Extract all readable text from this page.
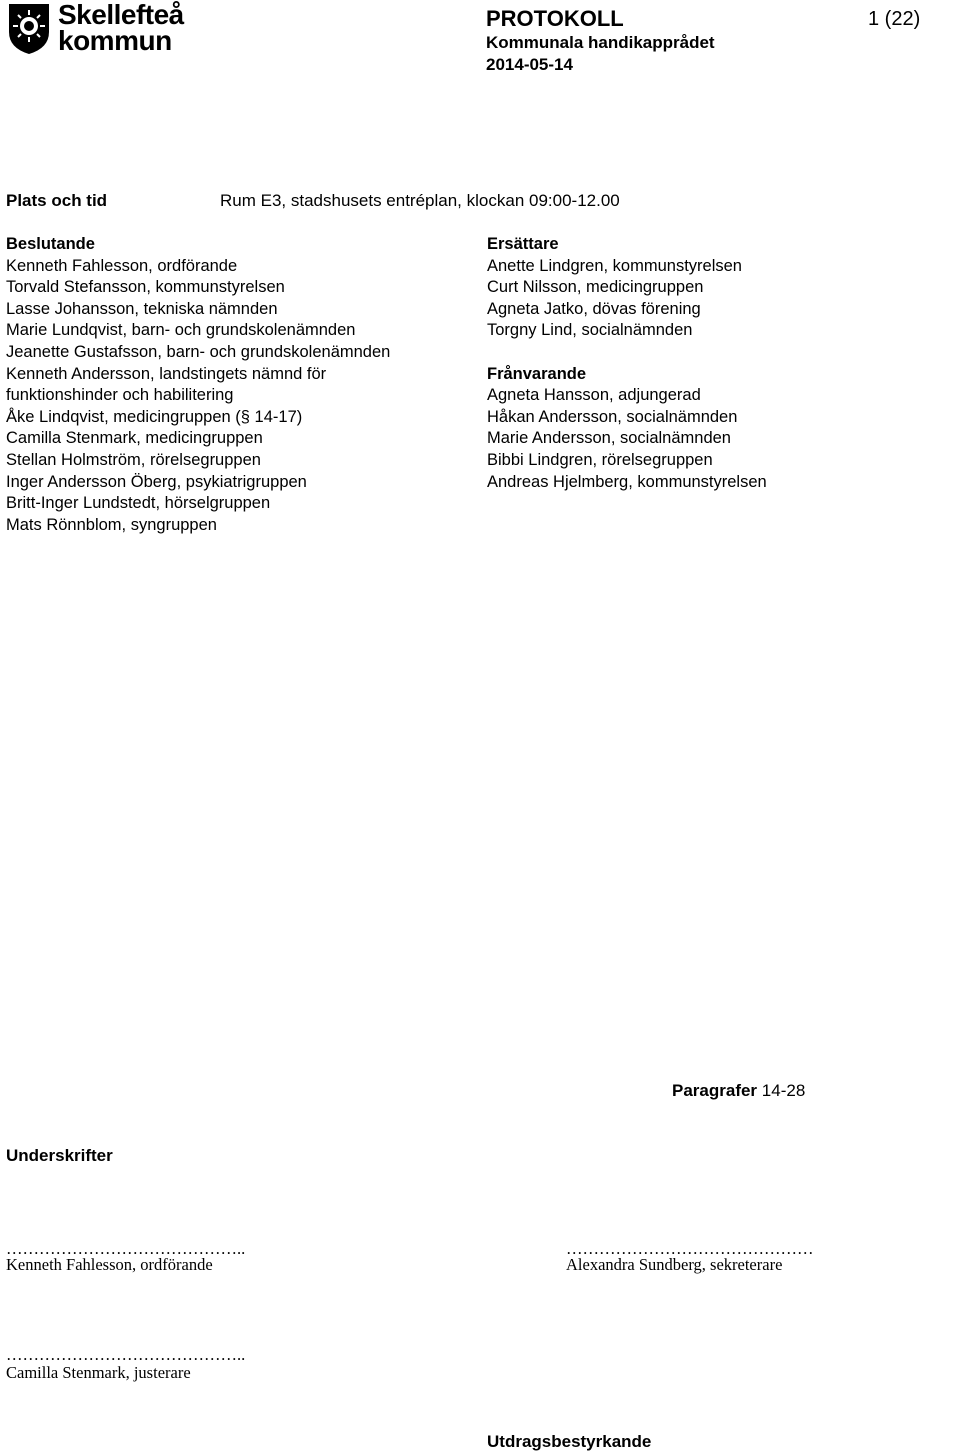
Skellefteå
kommun
PROTOKOLL	1 (22)
Kommunala handikapprådet
2014-05-14
Plats och tid	Rum E3, stadshusets entréplan, klockan 09:00-12.00
Beslutande
Kenneth Fahlesson, ordförande
Torvald Stefansson, kommunstyrelsen
Lasse Johansson, tekniska nämnden
Marie Lundqvist, barn- och grundskolenämnden
Jeanette Gustafsson, barn- och grundskolenämnden
Kenneth Andersson, landstingets nämnd för
funktionshinder och habilitering
Åke Lindqvist, medicingruppen (§ 14-17)
Camilla Stenmark, medicingruppen
Stellan Holmström, rörelsegruppen
Inger Andersson Öberg, psykiatrigruppen
Britt-Inger Lundstedt, hörselgruppen
Mats Rönnblom, syngruppen
Ersättare
Anette Lindgren, kommunstyrelsen
Curt Nilsson, medicingruppen
Agneta Jatko, dövas förening
Torgny Lind, socialnämnden
Frånvarande
Agneta Hansson, adjungerad
Håkan Andersson, socialnämnden
Marie Andersson, socialnämnden
Bibbi Lindgren, rörelsegruppen
Andreas Hjelmberg, kommunstyrelsen
Paragrafer 14-28
Underskrifter
……………………………………..
Kenneth Fahlesson, ordförande
………………………………………
Alexandra Sundberg, sekreterare
……………………………………..
Camilla Stenmark, justerare
Utdragsbestyrkande
